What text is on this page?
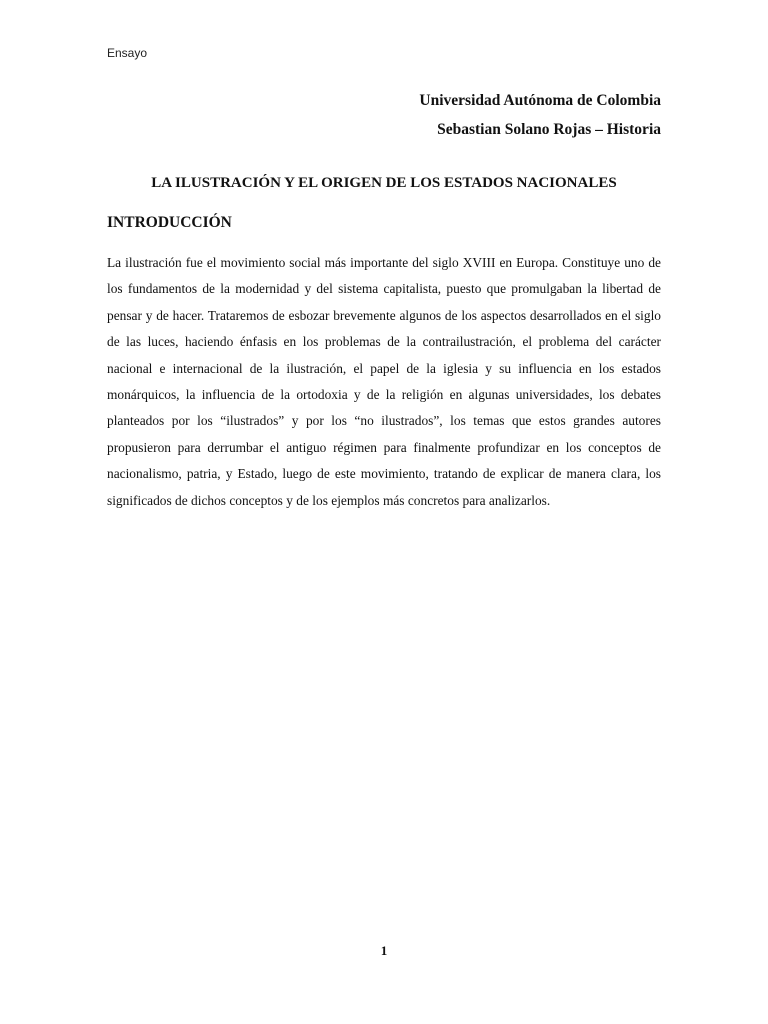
Ensayo
Universidad Autónoma de Colombia
Sebastian Solano Rojas – Historia
LA ILUSTRACIÓN Y EL ORIGEN DE LOS ESTADOS NACIONALES
INTRODUCCIÓN

La ilustración fue el movimiento social más importante del siglo XVIII en Europa. Constituye uno de los fundamentos de la modernidad y del sistema capitalista, puesto que promulgaban la libertad de pensar y de hacer. Trataremos de esbozar brevemente algunos de los aspectos desarrollados en el siglo de las luces, haciendo énfasis en los problemas de la contrailustración, el problema del carácter nacional e internacional de la ilustración, el papel de la iglesia y su influencia en los estados monárquicos, la influencia de la ortodoxia y de la religión en algunas universidades, los debates planteados por los “ilustrados” y por los “no ilustrados”, los temas que estos grandes autores propusieron para derrumbar el antiguo régimen para finalmente profundizar en los conceptos de nacionalismo, patria, y Estado, luego de este movimiento, tratando de explicar de manera clara, los significados de dichos conceptos y de los ejemplos más concretos para analizarlos.

1
